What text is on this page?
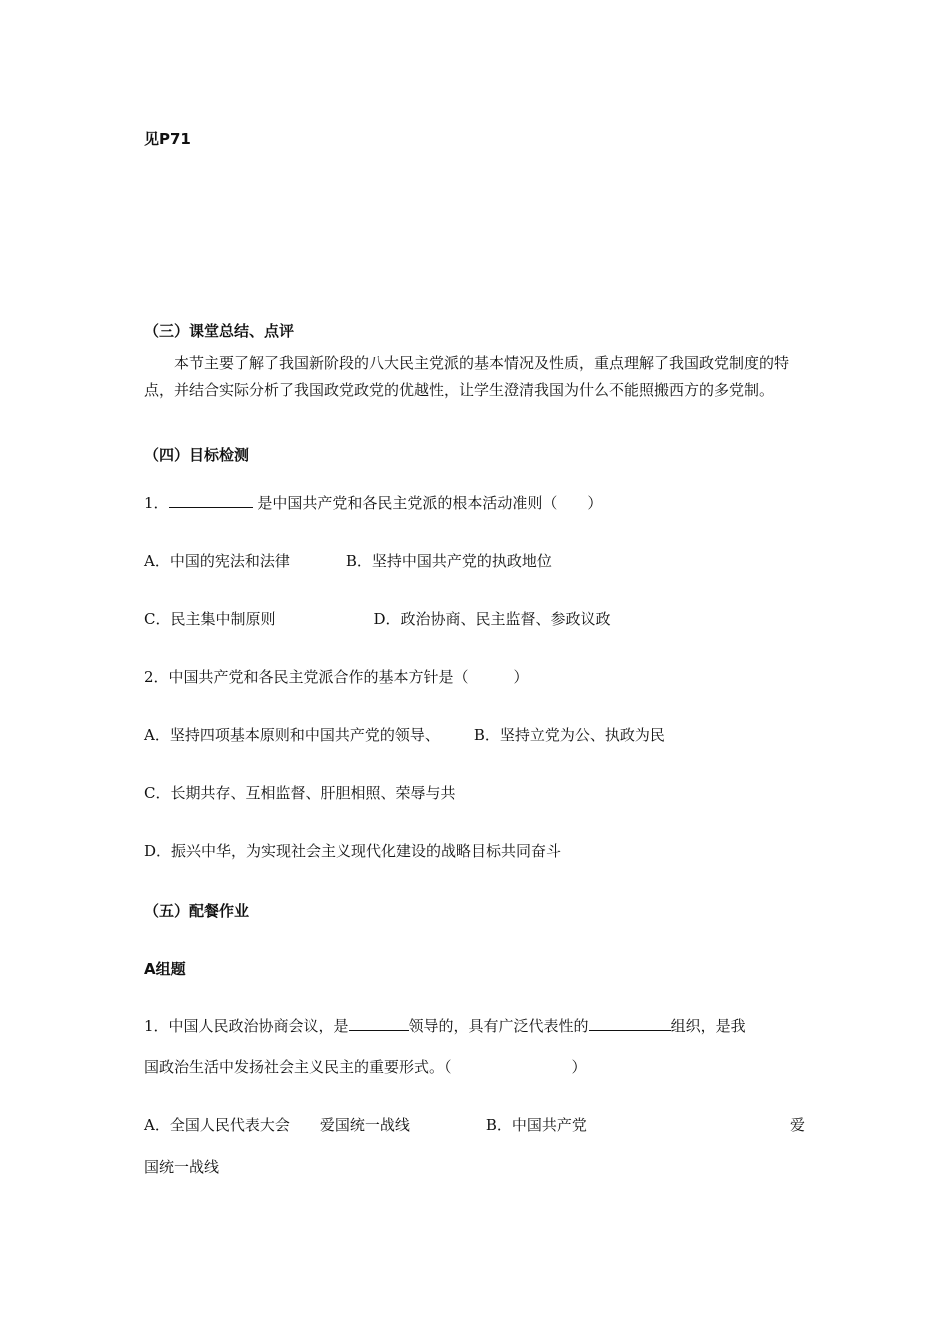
见P71
（三）课堂总结、点评

本节主要了解了我国新阶段的八大民主党派的基本情况及性质，重点理解了我国政党制度的特点，并结合实际分析了我国政党政党的优越性，让学生澄清我国为什么不能照搬西方的多党制。

（四）目标检测
1．	是中国共产党和各民主党派的根本活动准则（　　）
A．中国的宪法和法律	B．坚持中国共产党的执政地位
C．民主集中制原则	D．政治协商、民主监督、参政议政
2．中国共产党和各民主党派合作的基本方针是（　　　）
A．坚持四项基本原则和中国共产党的领导、 B．坚持立党为公、执政为民
C．长期共存、互相监督、肝胆相照、荣辱与共
D．振兴中华，为实现社会主义现代化建设的战略目标共同奋斗
（五）配餐作业
A组题
1．中国人民政治协商会议，是	领导的，具有广泛代表性的	组织，是我
国政治生活中发扬社会主义民主的重要形式。（　　　　　　　　）
A．全国人民代表大会 爱国统一战线	B．中国共产党	爱
国统一战线
